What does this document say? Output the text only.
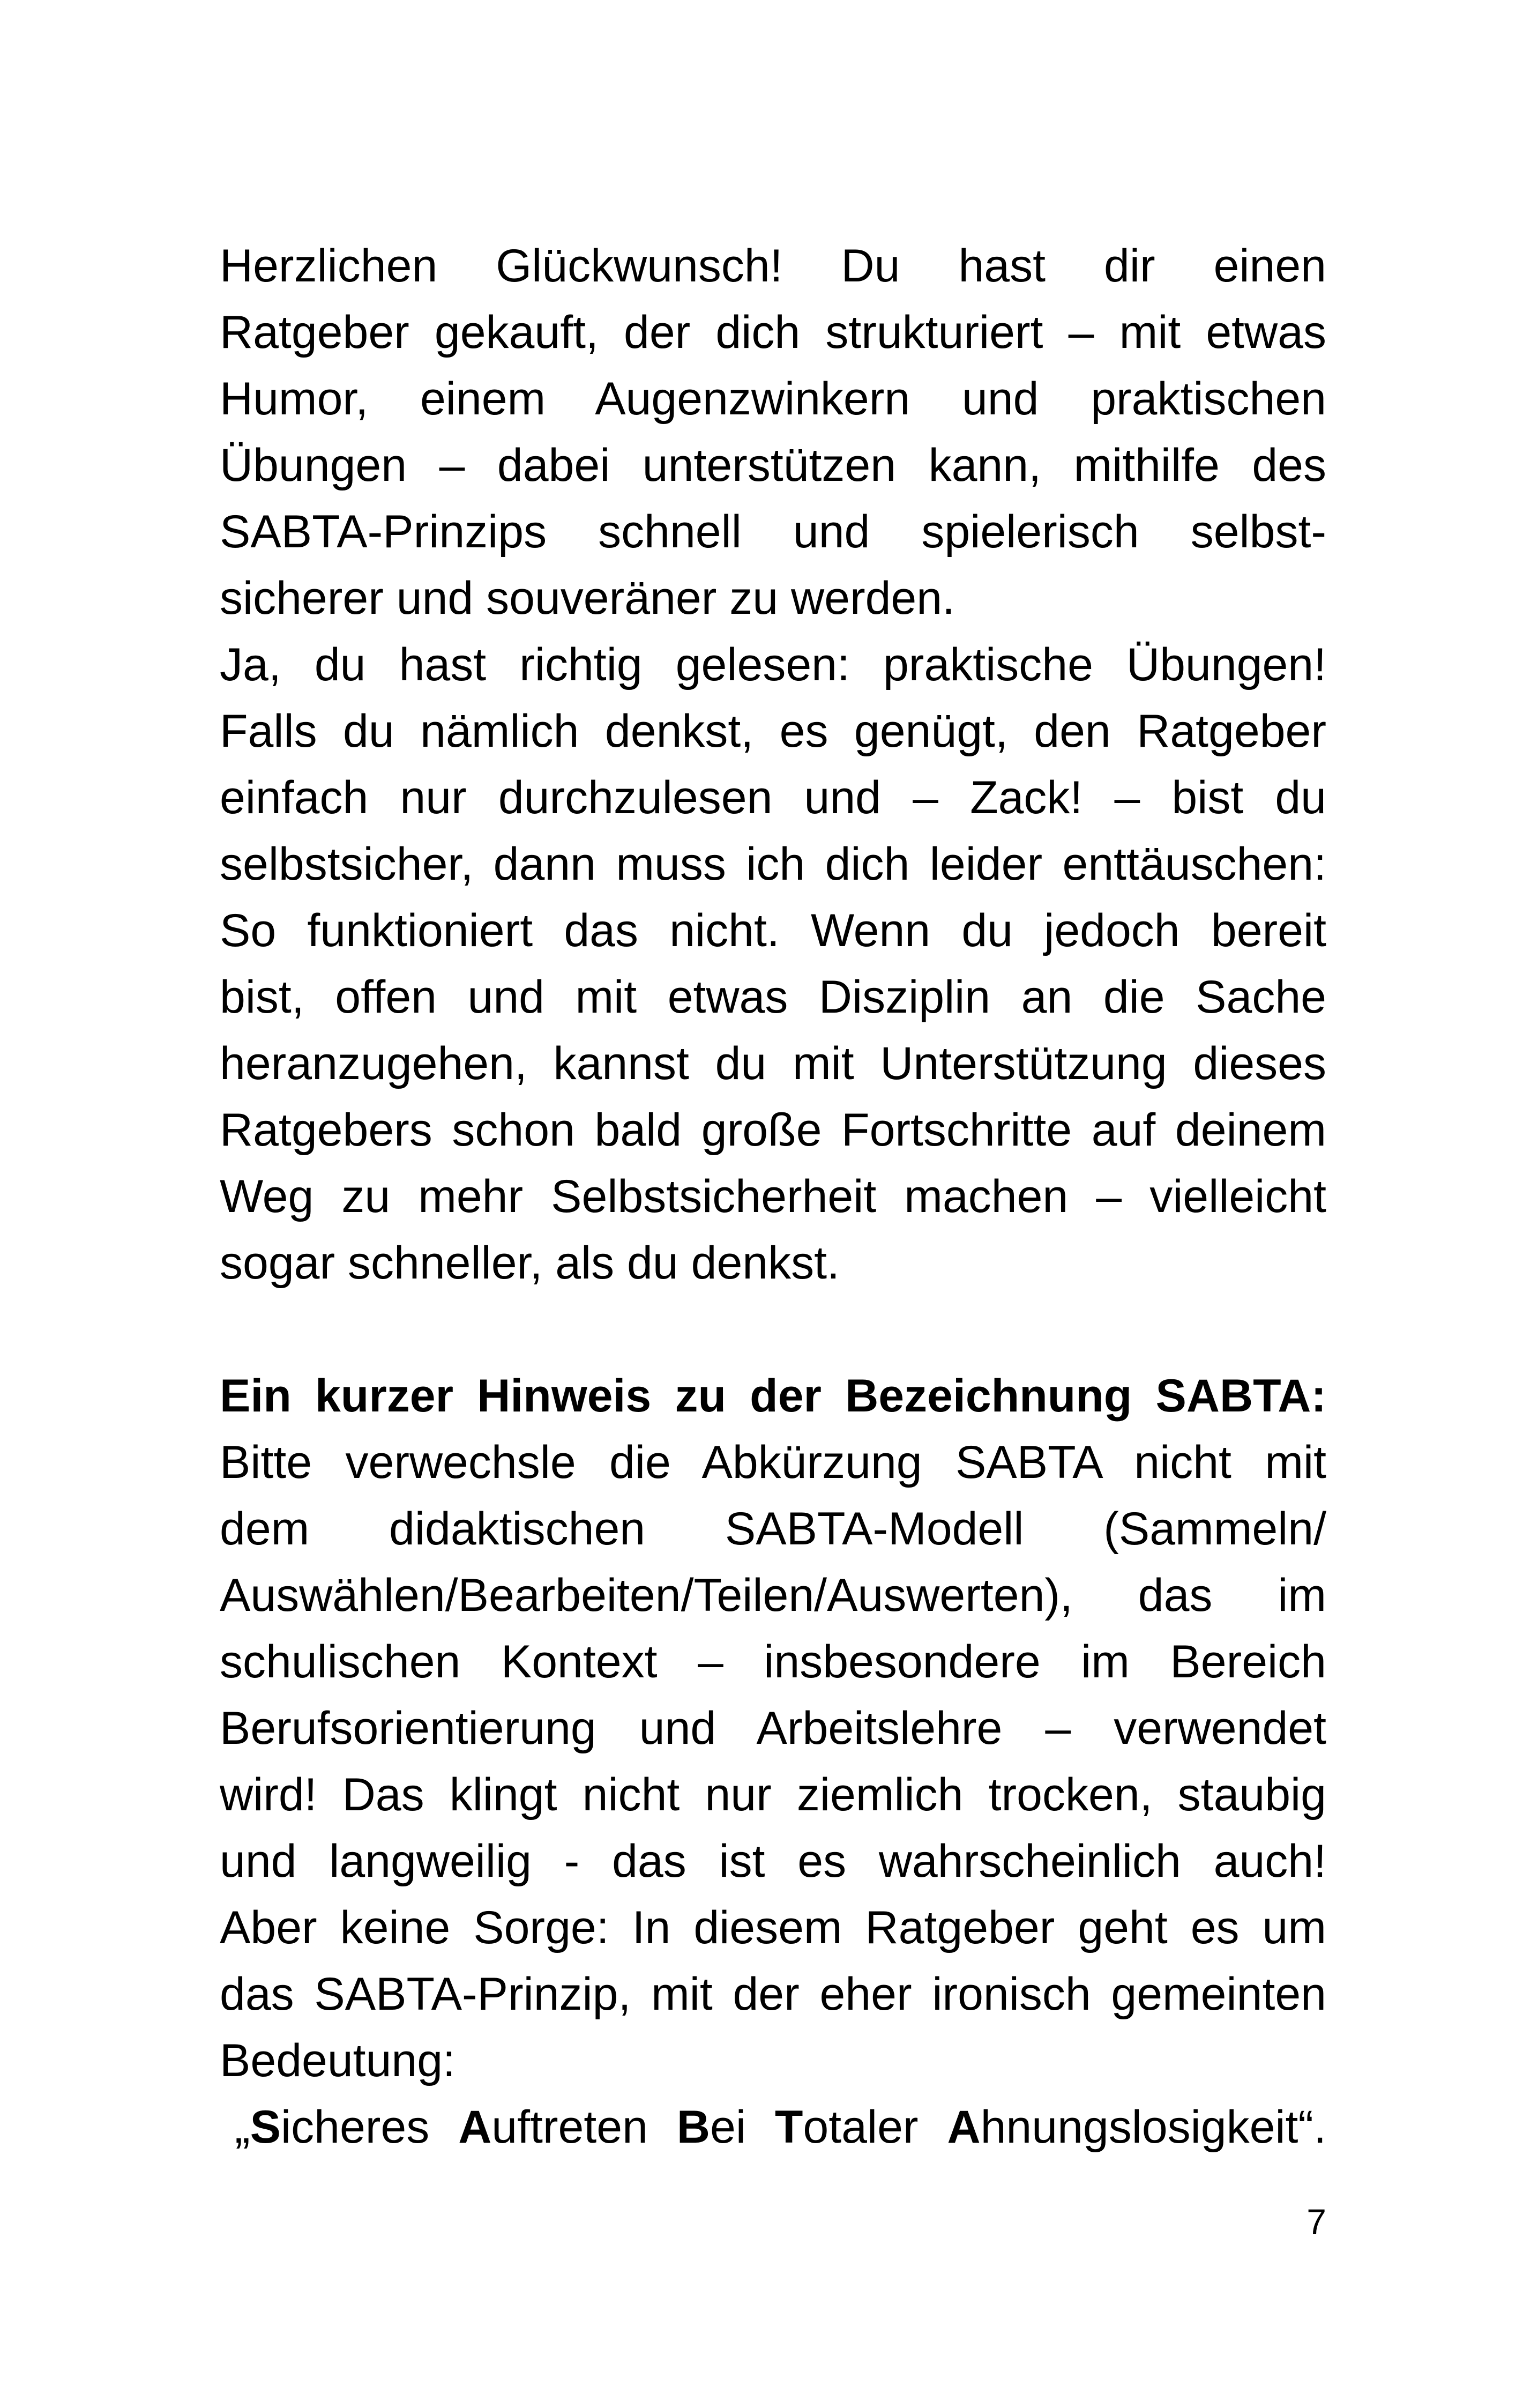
Herzlichen Glückwunsch! Du hast dir einen
Ratgeber gekauft, der dich strukturiert – mit etwas
Humor, einem Augenzwinkern und praktischen
Übungen – dabei unterstützen kann, mithilfe des
SABTA-Prinzips schnell und spielerisch selbst-
sicherer und souveräner zu werden.
Ja, du hast richtig gelesen: praktische Übungen!
Falls du nämlich denkst, es genügt, den Ratgeber
einfach nur durchzulesen und – Zack! – bist du
selbstsicher, dann muss ich dich leider enttäuschen:
So funktioniert das nicht. Wenn du jedoch bereit
bist, offen und mit etwas Disziplin an die Sache
heranzugehen, kannst du mit Unterstützung dieses
Ratgebers schon bald große Fortschritte auf deinem
Weg zu mehr Selbstsicherheit machen – vielleicht
sogar schneller, als du denkst.
Ein kurzer Hinweis zu der Bezeichnung SABTA:
Bitte verwechsle die Abkürzung SABTA nicht mit
dem didaktischen SABTA-Modell (Sammeln/
Auswählen/Bearbeiten/Teilen/Auswerten), das im
schulischen Kontext – insbesondere im Bereich
Berufsorientierung und Arbeitslehre – verwendet
wird! Das klingt nicht nur ziemlich trocken, staubig
und langweilig - das ist es wahrscheinlich auch!
Aber keine Sorge: In diesem Ratgeber geht es um
das SABTA-Prinzip, mit der eher ironisch gemeinten
Bedeutung:
„Sicheres Auftreten Bei Totaler Ahnungslosigkeit“.
7
